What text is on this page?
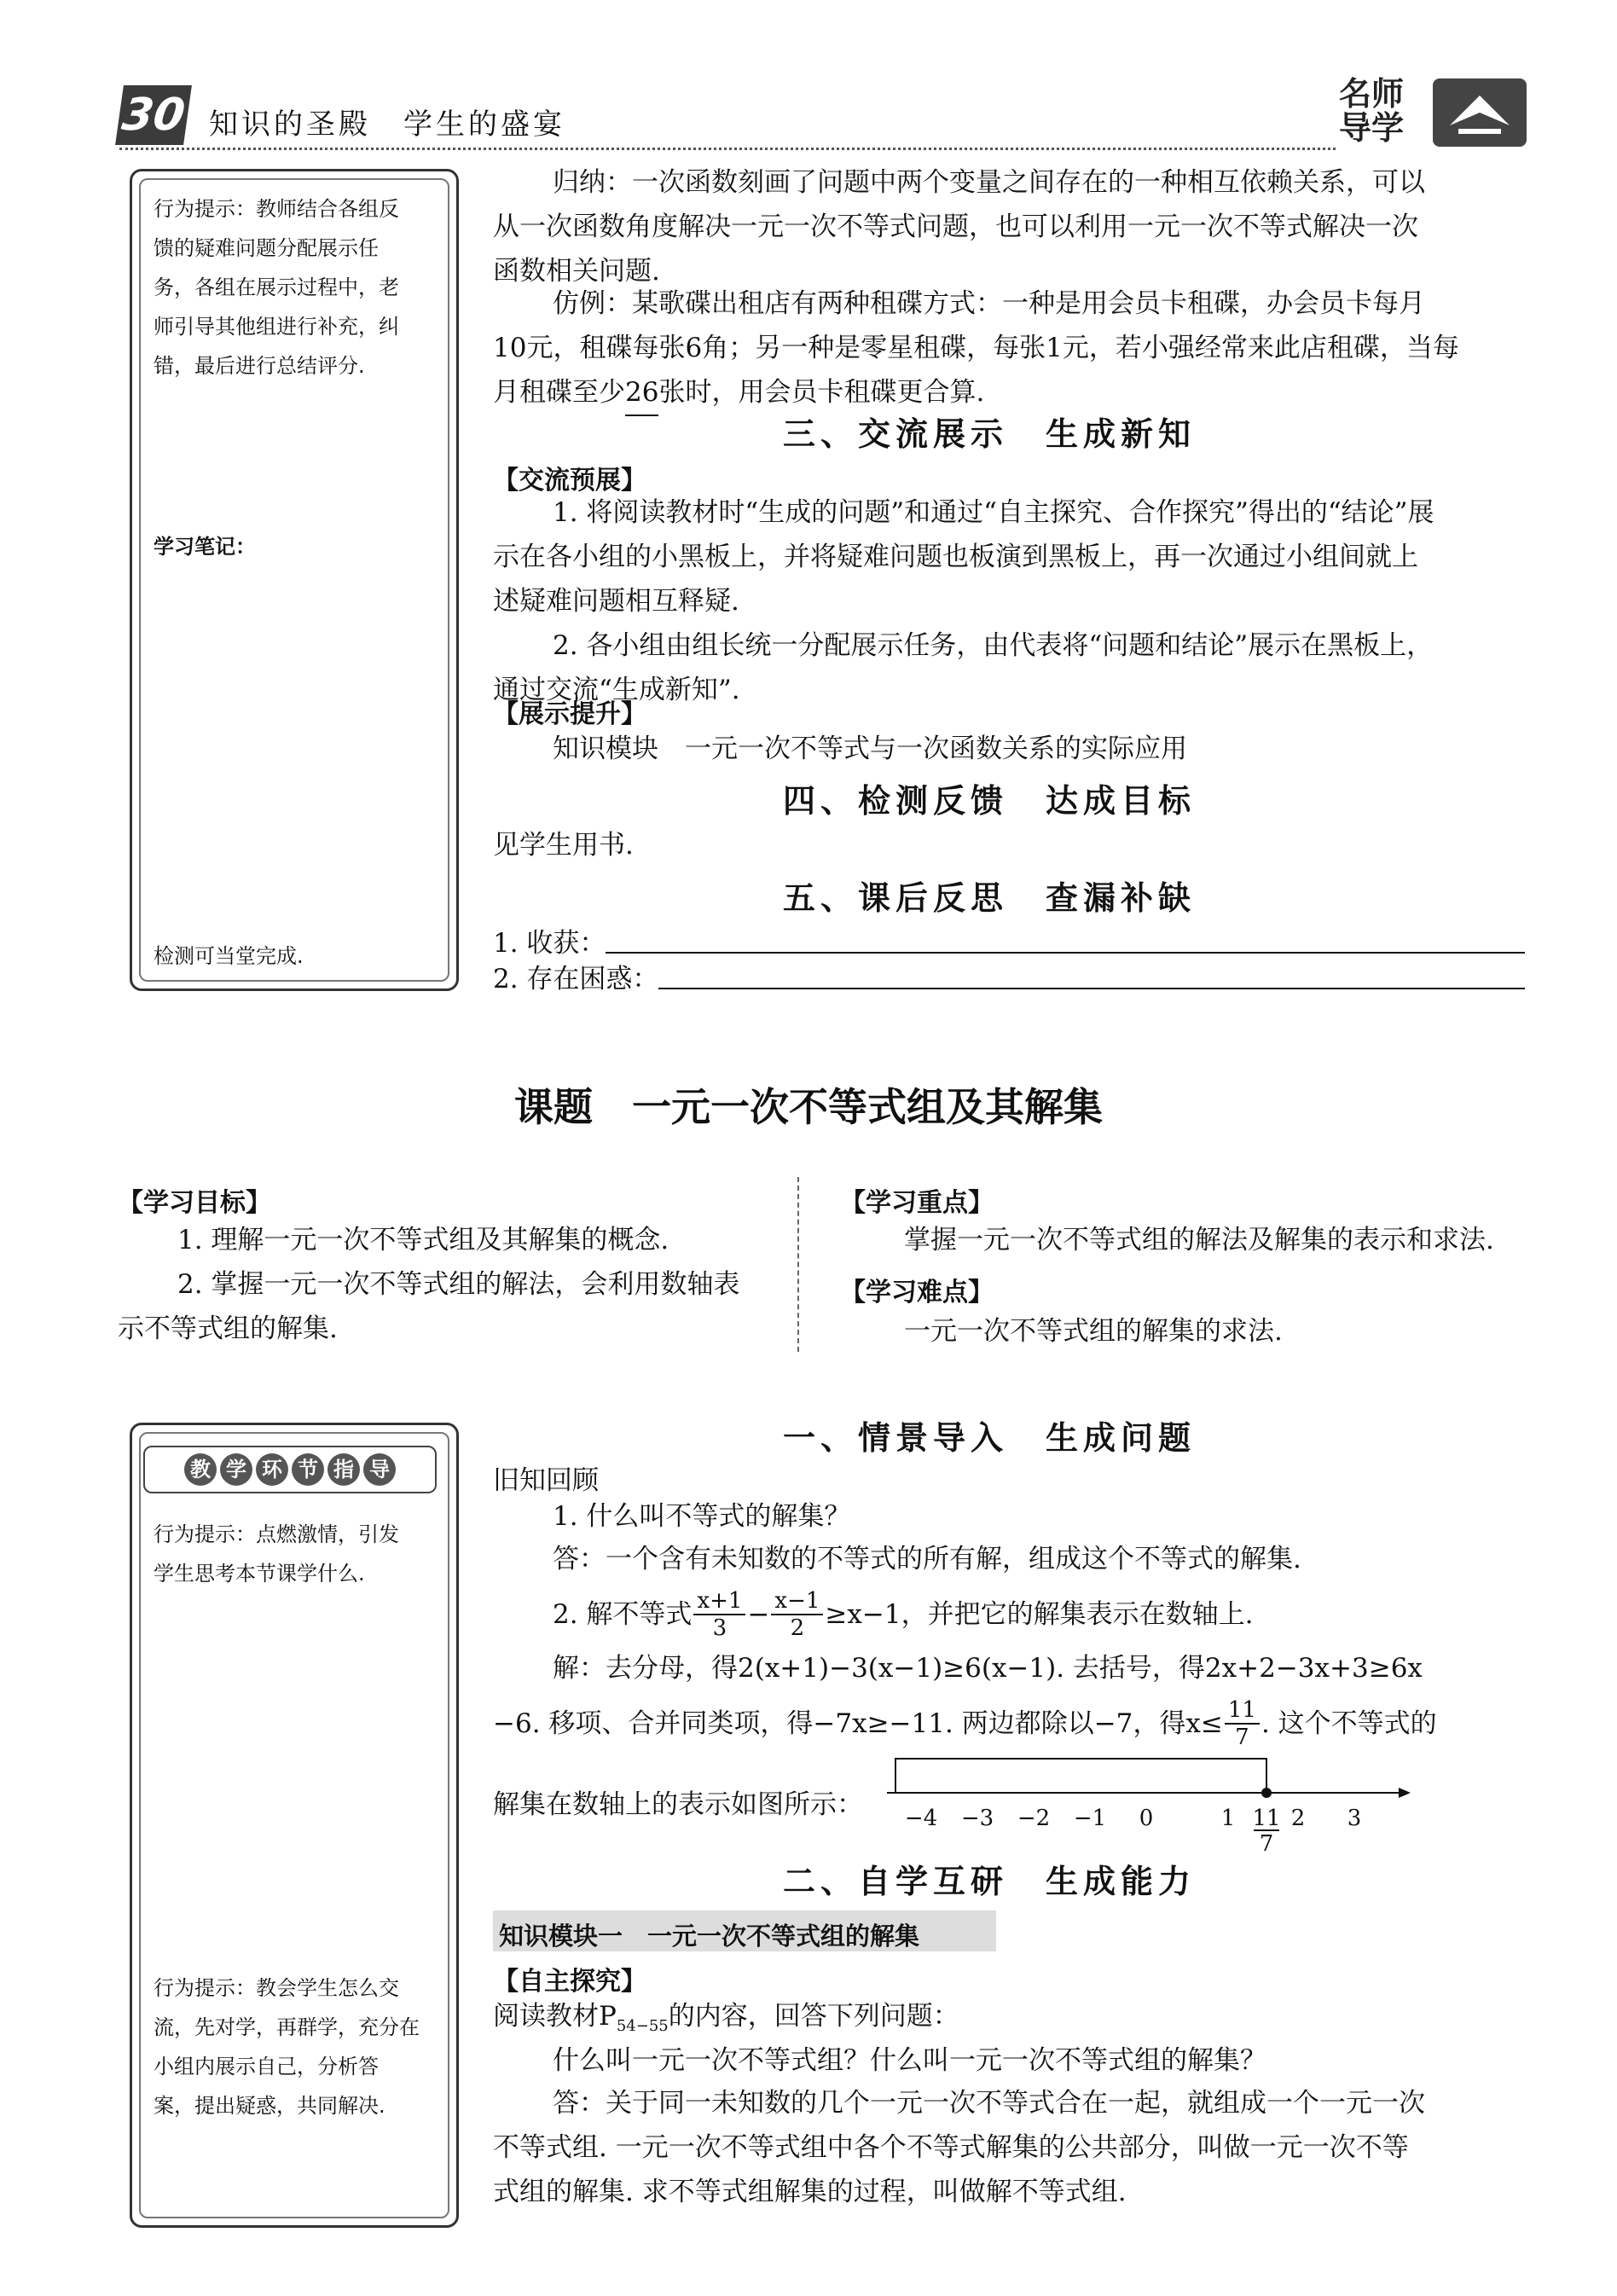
30 知识的圣殿　学生的盛宴
名师
导学
行为提示：教师结合各组反
馈的疑难问题分配展示任
务，各组在展示过程中，老
师引导其他组进行补充，纠
错，最后进行总结评分.
学习笔记：
检测可当堂完成.
归纳：一次函数刻画了问题中两个变量之间存在的一种相互依赖关系，可以
从一次函数角度解决一元一次不等式问题，也可以利用一元一次不等式解决一次
函数相关问题.
仿例：某歌碟出租店有两种租碟方式：一种是用会员卡租碟，办会员卡每月
10元，租碟每张6角；另一种是零星租碟，每张1元，若小强经常来此店租碟，当每
月租碟至少26张时，用会员卡租碟更合算.
三、交流展示　生成新知
【交流预展】
1. 将阅读教材时“生成的问题”和通过“自主探究、合作探究”得出的“结论”展
示在各小组的小黑板上，并将疑难问题也板演到黑板上，再一次通过小组间就上
述疑难问题相互释疑.
2. 各小组由组长统一分配展示任务，由代表将“问题和结论”展示在黑板上，
通过交流“生成新知”.
【展示提升】
知识模块　一元一次不等式与一次函数关系的实际应用
四、检测反馈　达成目标
见学生用书.
五、课后反思　查漏补缺
1. 收获：
2. 存在困惑：
课题　一元一次不等式组及其解集
【学习目标】
1. 理解一元一次不等式组及其解集的概念.
2. 掌握一元一次不等式组的解法，会利用数轴表
示不等式组的解集.
【学习重点】
掌握一元一次不等式组的解法及解集的表示和求法.
【学习难点】
一元一次不等式组的解集的求法.
教 学 环 节 指 导
行为提示：点燃激情，引发
学生思考本节课学什么.
行为提示：教会学生怎么交
流，先对学，再群学，充分在
小组内展示自己，分析答
案，提出疑惑，共同解决.
一、情景导入　生成问题
旧知回顾
1. 什么叫不等式的解集？
答：一个含有未知数的不等式的所有解，组成这个不等式的解集.
2. 解不等式 $\frac{x+1}{3} - \frac{x-1}{2} \ge x-1$，并把它的解集表示在数轴上.
解：去分母，得2(x+1)−3(x−1)≥6(x−1). 去括号，得2x+2−3x+3≥6x
−6. 移项、合并同类项，得−7x≥−11. 两边都除以−7，得$x\le \frac{11}{7}$ . 这个不等式的
解集在数轴上的表示如图所示： −4 −3 −2 −1 0	1	2 3
11
7
二、自学互研　生成能力
知识模块一　一元一次不等式组的解集
【自主探究】
阅读教材$P_{54-55}$的内容，回答下列问题：
什么叫一元一次不等式组？什么叫一元一次不等式组的解集？
答：关于同一未知数的几个一元一次不等式合在一起，就组成一个一元一次
不等式组. 一元一次不等式组中各个不等式解集的公共部分，叫做一元一次不等
式组的解集. 求不等式组解集的过程，叫做解不等式组.
